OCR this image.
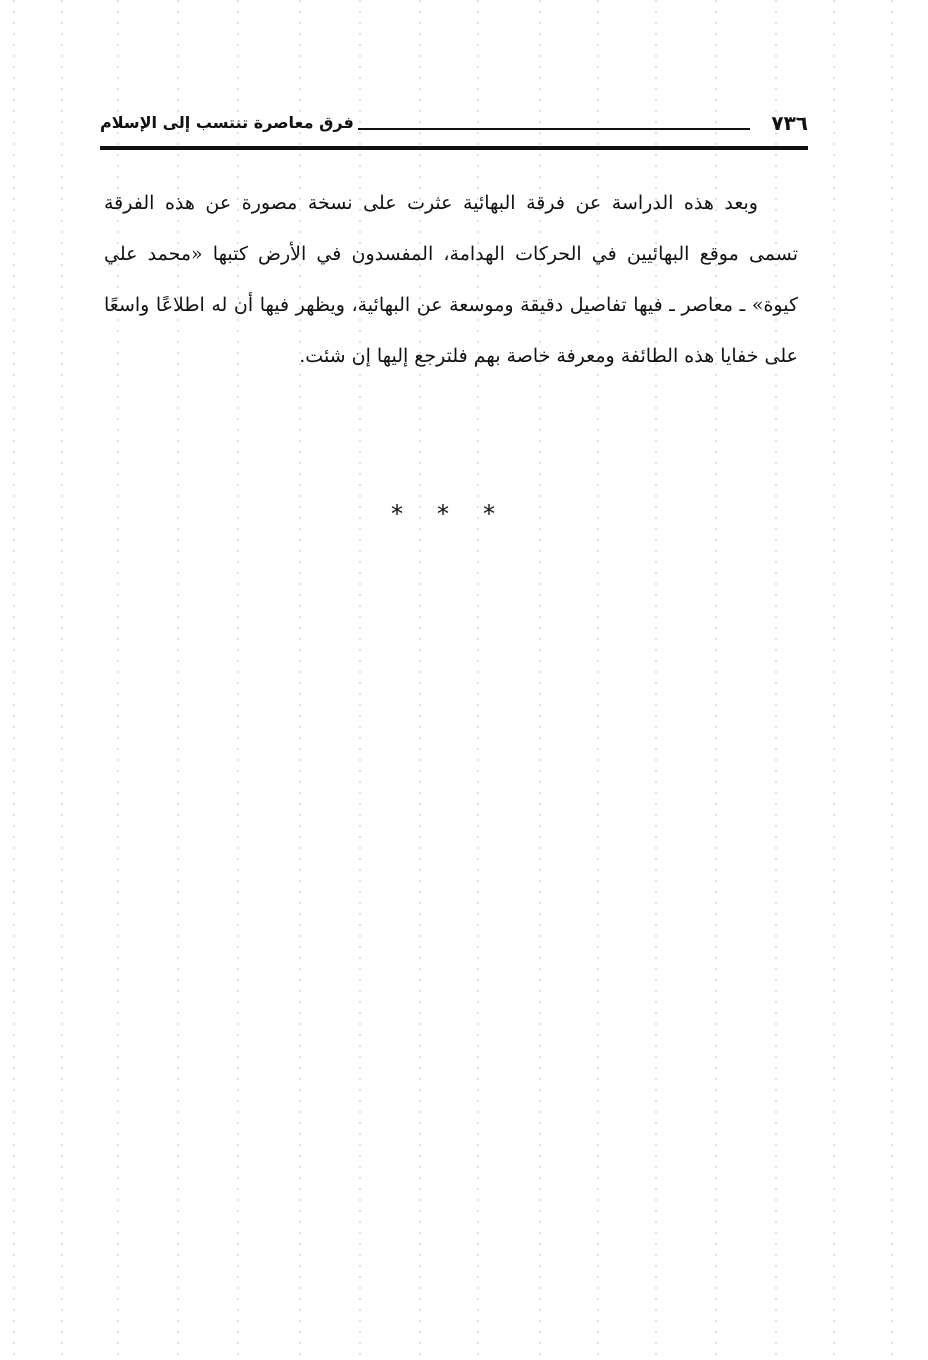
٧٣٦
فرق معاصرة تنتسب إلى الإسلام

وبعد هذه الدراسة عن فرقة البهائية عثرت على نسخة مصورة عن هذه الفرقة تسمى موقع البهائيين في الحركات الهدامة، المفسدون في الأرض كتبها «محمد علي كيوة» ـ معاصر ـ فيها تفاصيل دقيقة وموسعة عن البهائية، ويظهر فيها أن له اطلاعًا واسعًا على خفايا هذه الطائفة ومعرفة خاصة بهم فلترجع إليها إن شئت.

***
